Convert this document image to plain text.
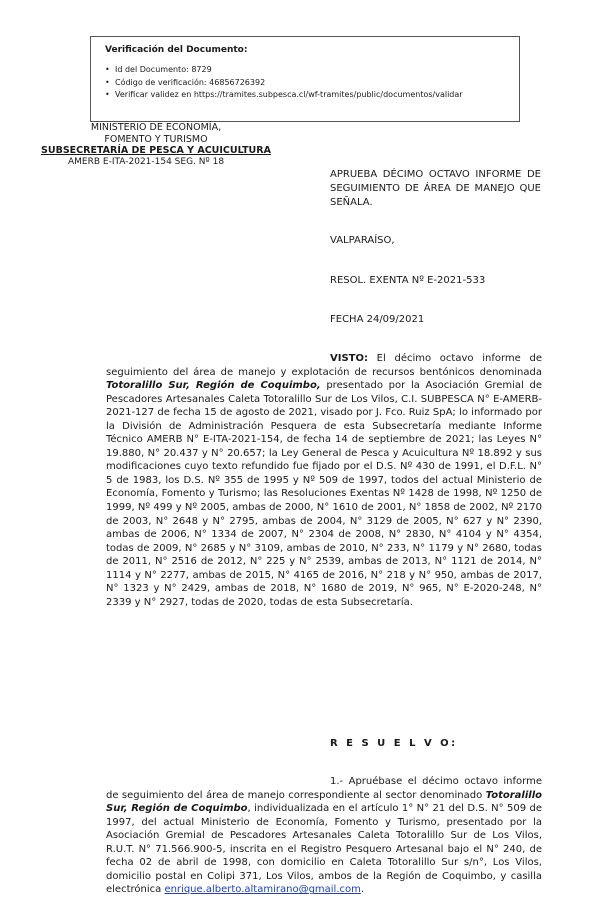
Verificación del Documento:
• Id del Documento: 8729
• Código de verificación: 46856726392
• Verificar validez en https://tramites.subpesca.cl/wf-tramites/public/documentos/validar
MINISTERIO DE ECONOMÍA,
FOMENTO Y TURISMO
SUBSECRETARÍA DE PESCA Y ACUICULTURA
AMERB E-ITA-2021-154 SEG. Nº 18
APRUEBA DÉCIMO OCTAVO INFORME DE SEGUIMIENTO DE ÁREA DE MANEJO QUE SEÑALA.
VALPARAÍSO,
RESOL. EXENTA Nº E-2021-533
FECHA 24/09/2021
VISTO: El décimo octavo informe de seguimiento del área de manejo y explotación de recursos bentónicos denominada Totoralillo Sur, Región de Coquimbo, presentado por la Asociación Gremial de Pescadores Artesanales Caleta Totoralillo Sur de Los Vilos, C.I. SUBPESCA N° E-AMERB-2021-127 de fecha 15 de agosto de 2021, visado por J. Fco. Ruiz SpA; lo informado por la División de Administración Pesquera de esta Subsecretaría mediante Informe Técnico AMERB N° E-ITA-2021-154, de fecha 14 de septiembre de 2021; las Leyes N° 19.880, N° 20.437 y N° 20.657; la Ley General de Pesca y Acuicultura Nº 18.892 y sus modificaciones cuyo texto refundido fue fijado por el D.S. Nº 430 de 1991, el D.F.L. N° 5 de 1983, los D.S. Nº 355 de 1995 y Nº 509 de 1997, todos del actual Ministerio de Economía, Fomento y Turismo; las Resoluciones Exentas Nº 1428 de 1998, Nº 1250 de 1999, Nº 499 y Nº 2005, ambas de 2000, N° 1610 de 2001, N° 1858 de 2002, Nº 2170 de 2003, N° 2648 y N° 2795, ambas de 2004, N° 3129 de 2005, N° 627 y N° 2390, ambas de 2006, N° 1334 de 2007, N° 2304 de 2008, N° 2830, N° 4104 y N° 4354, todas de 2009, N° 2685 y N° 3109, ambas de 2010, N° 233, N° 1179 y N° 2680, todas de 2011, N° 2516 de 2012, N° 225 y N° 2539, ambas de 2013, N° 1121 de 2014, N° 1114 y N° 2277, ambas de 2015, N° 4165 de 2016, N° 218 y N° 950, ambas de 2017, N° 1323 y N° 2429, ambas de 2018, N° 1680 de 2019, N° 965, N° E-2020-248, N° 2339 y N° 2927, todas de 2020, todas de esta Subsecretaría.
R E S U E L V O:
1.- Apruébase el décimo octavo informe de seguimiento del área de manejo correspondiente al sector denominado Totoralillo Sur, Región de Coquimbo, individualizada en el artículo 1° N° 21 del D.S. N° 509 de 1997, del actual Ministerio de Economía, Fomento y Turismo, presentado por la Asociación Gremial de Pescadores Artesanales Caleta Totoralillo Sur de Los Vilos, R.U.T. N° 71.566.900-5, inscrita en el Registro Pesquero Artesanal bajo el N° 240, de fecha 02 de abril de 1998, con domicilio en Caleta Totoralillo Sur s/n°, Los Vilos, domicilio postal en Colipi 371, Los Vilos, ambos de la Región de Coquimbo, y casilla electrónica enrique.alberto.altamirano@gmail.com.
